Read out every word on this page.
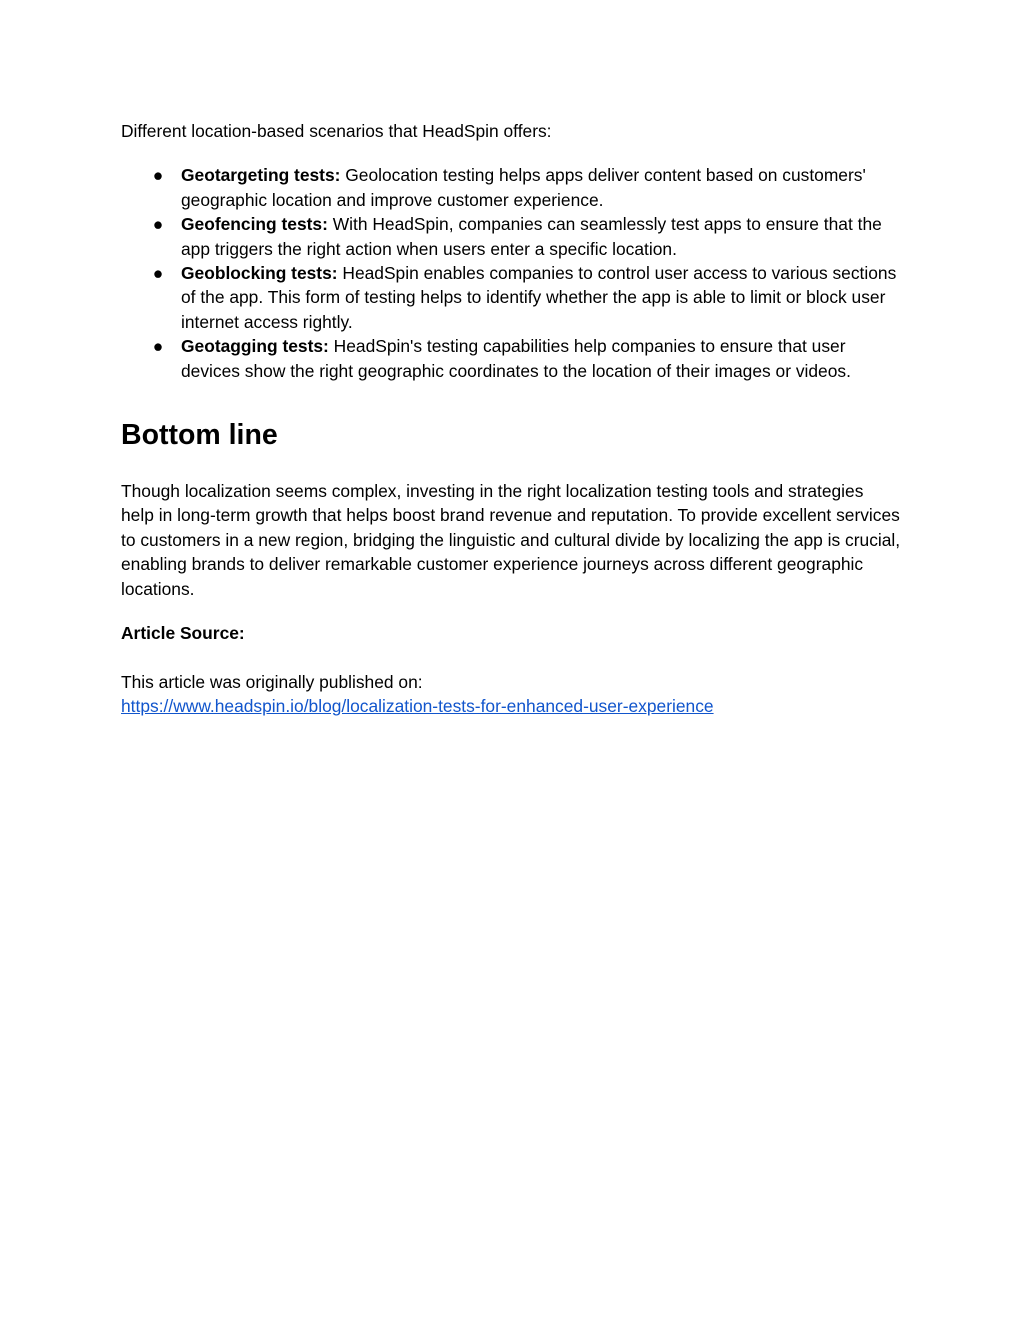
Different location-based scenarios that HeadSpin offers:

● Geotargeting tests: Geolocation testing helps apps deliver content based on customers' geographic location and improve customer experience.
● Geofencing tests: With HeadSpin, companies can seamlessly test apps to ensure that the app triggers the right action when users enter a specific location.
● Geoblocking tests: HeadSpin enables companies to control user access to various sections of the app. This form of testing helps to identify whether the app is able to limit or block user internet access rightly.
● Geotagging tests: HeadSpin's testing capabilities help companies to ensure that user devices show the right geographic coordinates to the location of their images or videos.
Bottom line

Though localization seems complex, investing in the right localization testing tools and strategies help in long-term growth that helps boost brand revenue and reputation. To provide excellent services to customers in a new region, bridging the linguistic and cultural divide by localizing the app is crucial, enabling brands to deliver remarkable customer experience journeys across different geographic locations.

Article Source:

This article was originally published on:

https://www.headspin.io/blog/localization-tests-for-enhanced-user-experience
